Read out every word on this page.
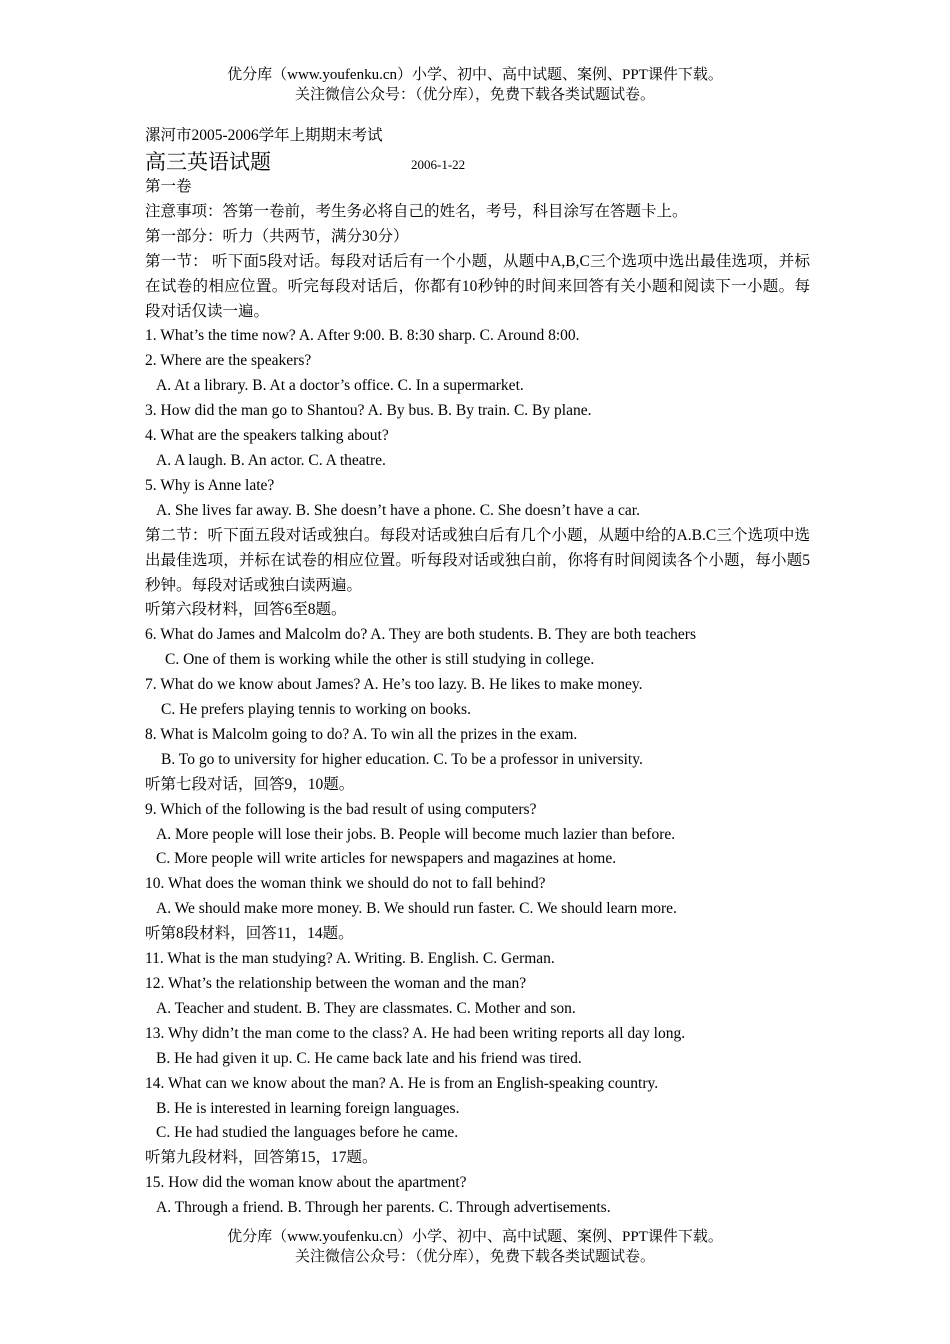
优分库（www.youfenku.cn）小学、初中、高中试题、案例、PPT课件下载。
关注微信公众号：（优分库），免费下载各类试题试卷。
漯河市2005-2006学年上期期末考试
高三英语试题	2006-1-22
第一卷
注意事项：答第一卷前，考生务必将自己的姓名，考号，科目涂写在答题卡上。
第一部分：听力（共两节，满分30分）
第一节： 听下面5段对话。每段对话后有一个小题，从题中A,B,C三个选项中选出最佳选项，并标在试卷的相应位置。听完每段对话后，你都有10秒钟的时间来回答有关小题和阅读下一小题。每段对话仅读一遍。
1. What’s the time now? A. After 9:00. B. 8:30 sharp. C. Around 8:00.
2. Where are the speakers?
A. At a library. B. At a doctor’s office. C. In a supermarket.
3. How did the man go to Shantou? A. By bus. B. By train. C. By plane.
4. What are the speakers talking about?
A. A laugh. B. An actor. C. A theatre.
5. Why is Anne late?
A. She lives far away. B. She doesn’t have a phone. C. She doesn’t have a car.
第二节：听下面五段对话或独白。每段对话或独白后有几个小题，从题中给的A.B.C三个选项中选出最佳选项，并标在试卷的相应位置。听每段对话或独白前，你将有时间阅读各个小题，每小题5秒钟。每段对话或独白读两遍。
听第六段材料，回答6至8题。
6. What do James and Malcolm do? A. They are both students. B. They are both teachers
C. One of them is working while the other is still studying in college.
7. What do we know about James? A. He’s too lazy. B. He likes to make money.
C. He prefers playing tennis to working on books.
8. What is Malcolm going to do? A. To win all the prizes in the exam.
B. To go to university for higher education. C. To be a professor in university.
听第七段对话，回答9，10题。
9. Which of the following is the bad result of using computers?
A. More people will lose their jobs. B. People will become much lazier than before.
C. More people will write articles for newspapers and magazines at home.
10. What does the woman think we should do not to fall behind?
A. We should make more money. B. We should run faster. C. We should learn more.
听第8段材料，回答11，14题。
11. What is the man studying? A. Writing. B. English. C. German.
12. What’s the relationship between the woman and the man?
A. Teacher and student. B. They are classmates. C. Mother and son.
13. Why didn’t the man come to the class? A. He had been writing reports all day long.
B. He had given it up. C. He came back late and his friend was tired.
14. What can we know about the man? A. He is from an English-speaking country.
B. He is interested in learning foreign languages.
C. He had studied the languages before he came.
听第九段材料，回答第15，17题。
15. How did the woman know about the apartment?
A. Through a friend. B. Through her parents. C. Through advertisements.
优分库（www.youfenku.cn）小学、初中、高中试题、案例、PPT课件下载。
关注微信公众号：（优分库），免费下载各类试题试卷。
